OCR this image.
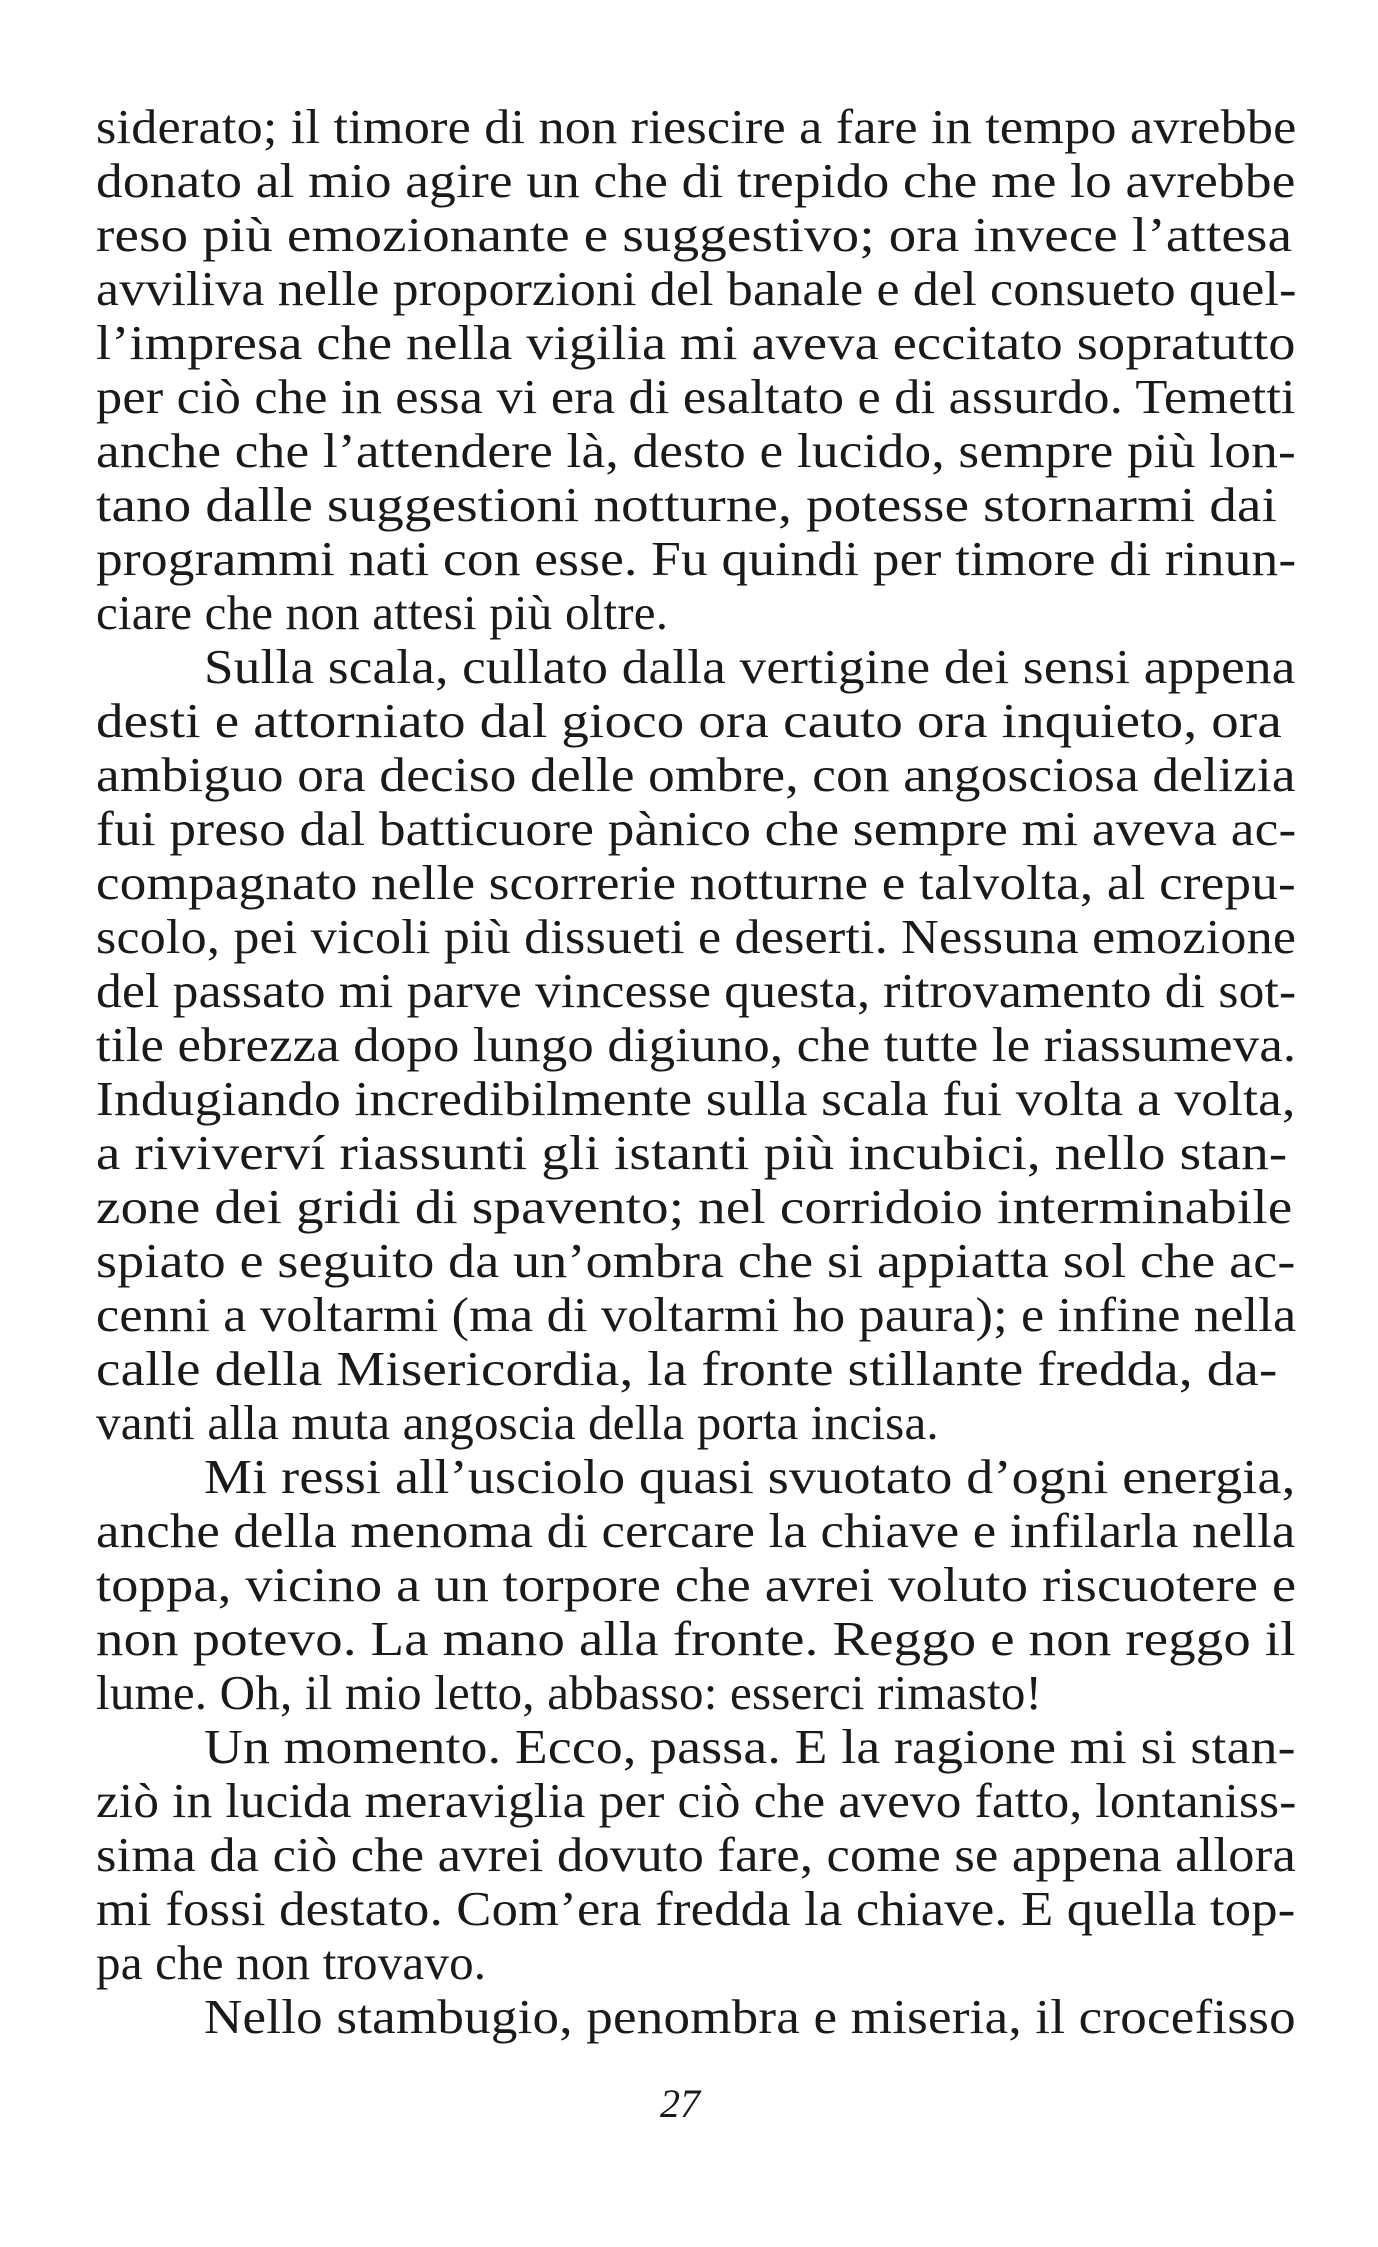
siderato; il timore di non riescire a fare in tempo avrebbe
donato al mio agire un che di trepido che me lo avrebbe
reso più emozionante e suggestivo; ora invece l’attesa
avviliva nelle proporzioni del banale e del consueto quel-
l’impresa che nella vigilia mi aveva eccitato sopratutto
per ciò che in essa vi era di esaltato e di assurdo. Temetti
anche che l’attendere là, desto e lucido, sempre più lon-
tano dalle suggestioni notturne, potesse stornarmi dai
programmi nati con esse. Fu quindi per timore di rinun-
ciare che non attesi più oltre.
Sulla scala, cullato dalla vertigine dei sensi appena
desti e attorniato dal gioco ora cauto ora inquieto, ora
ambiguo ora deciso delle ombre, con angosciosa delizia
fui preso dal batticuore pànico che sempre mi aveva ac-
compagnato nelle scorrerie notturne e talvolta, al crepu-
scolo, pei vicoli più dissueti e deserti. Nessuna emozione
del passato mi parve vincesse questa, ritrovamento di sot-
tile ebrezza dopo lungo digiuno, che tutte le riassumeva.
Indugiando incredibilmente sulla scala fui volta a volta,
a riviverví riassunti gli istanti più incubici, nello stan-
zone dei gridi di spavento; nel corridoio interminabile
spiato e seguito da un’ombra che si appiatta sol che ac-
cenni a voltarmi (ma di voltarmi ho paura); e infine nella
calle della Misericordia, la fronte stillante fredda, da-
vanti alla muta angoscia della porta incisa.
Mi ressi all’usciolo quasi svuotato d’ogni energia,
anche della menoma di cercare la chiave e infilarla nella
toppa, vicino a un torpore che avrei voluto riscuotere e
non potevo. La mano alla fronte. Reggo e non reggo il
lume. Oh, il mio letto, abbasso: esserci rimasto!
Un momento. Ecco, passa. E la ragione mi si stan-
ziò in lucida meraviglia per ciò che avevo fatto, lontaniss-
sima da ciò che avrei dovuto fare, come se appena allora
mi fossi destato. Com’era fredda la chiave. E quella top-
pa che non trovavo.
Nello stambugio, penombra e miseria, il crocefisso
27
